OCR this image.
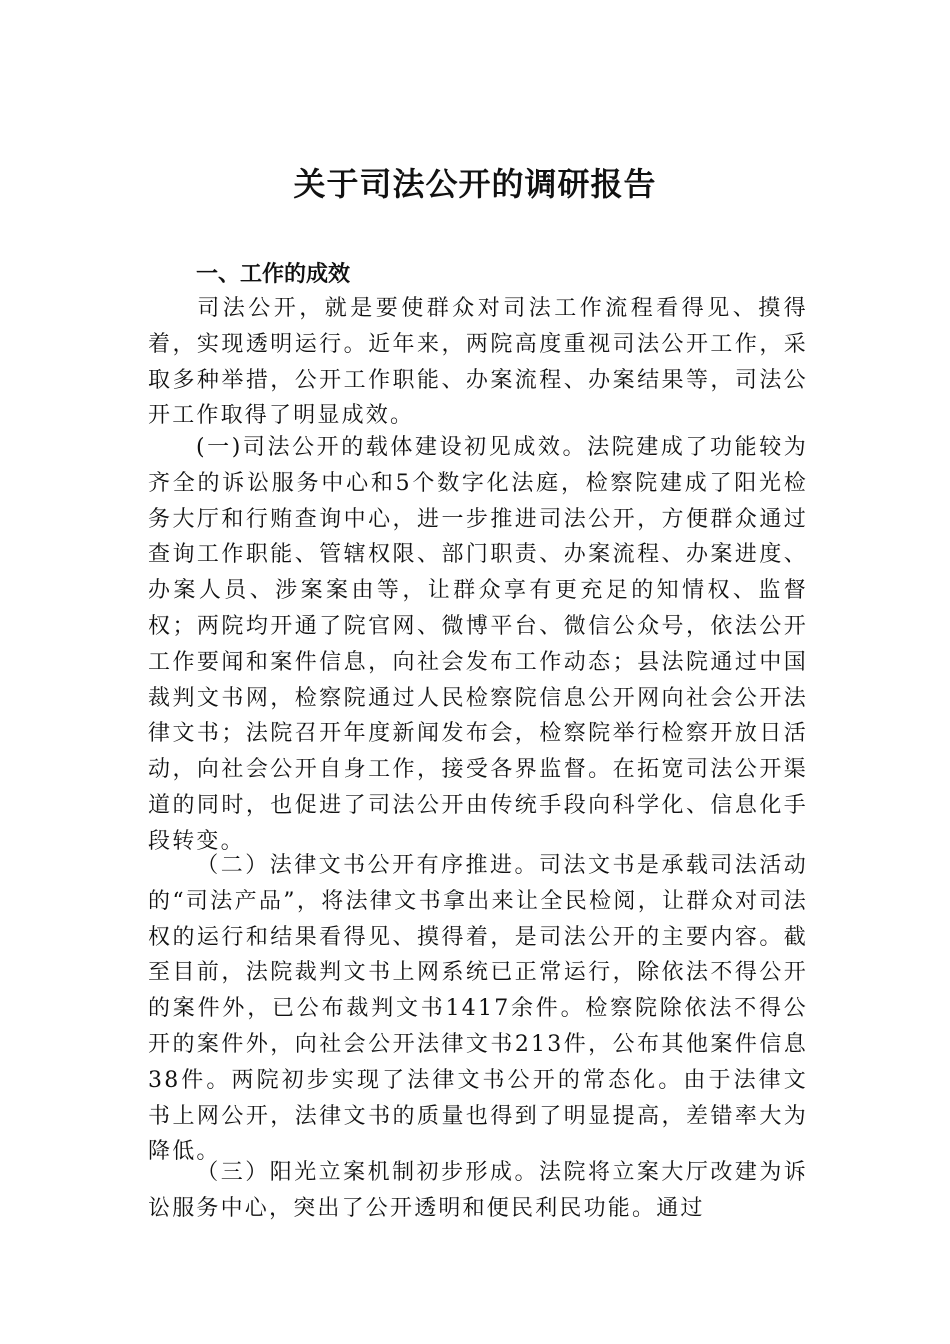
关于司法公开的调研报告
一、工作的成效

司法公开，就是要使群众对司法工作流程看得见、摸得着，实现透明运行。近年来，两院高度重视司法公开工作，采取多种举措，公开工作职能、办案流程、办案结果等，司法公开工作取得了明显成效。

(一)司法公开的载体建设初见成效。法院建成了功能较为齐全的诉讼服务中心和5个数字化法庭，检察院建成了阳光检务大厅和行贿查询中心，进一步推进司法公开，方便群众通过查询工作职能、管辖权限、部门职责、办案流程、办案进度、办案人员、涉案案由等，让群众享有更充足的知情权、监督权；两院均开通了院官网、微博平台、微信公众号，依法公开工作要闻和案件信息，向社会发布工作动态；县法院通过中国裁判文书网，检察院通过人民检察院信息公开网向社会公开法律文书；法院召开年度新闻发布会，检察院举行检察开放日活动，向社会公开自身工作，接受各界监督。在拓宽司法公开渠道的同时，也促进了司法公开由传统手段向科学化、信息化手段转变。

（二）法律文书公开有序推进。司法文书是承载司法活动的“司法产品”，将法律文书拿出来让全民检阅，让群众对司法权的运行和结果看得见、摸得着，是司法公开的主要内容。截至目前，法院裁判文书上网系统已正常运行，除依法不得公开的案件外，已公布裁判文书1417余件。检察院除依法不得公开的案件外，向社会公开法律文书213件，公布其他案件信息38件。两院初步实现了法律文书公开的常态化。由于法律文书上网公开，法律文书的质量也得到了明显提高，差错率大为降低。

（三）阳光立案机制初步形成。法院将立案大厅改建为诉讼服务中心，突出了公开透明和便民利民功能。通过
